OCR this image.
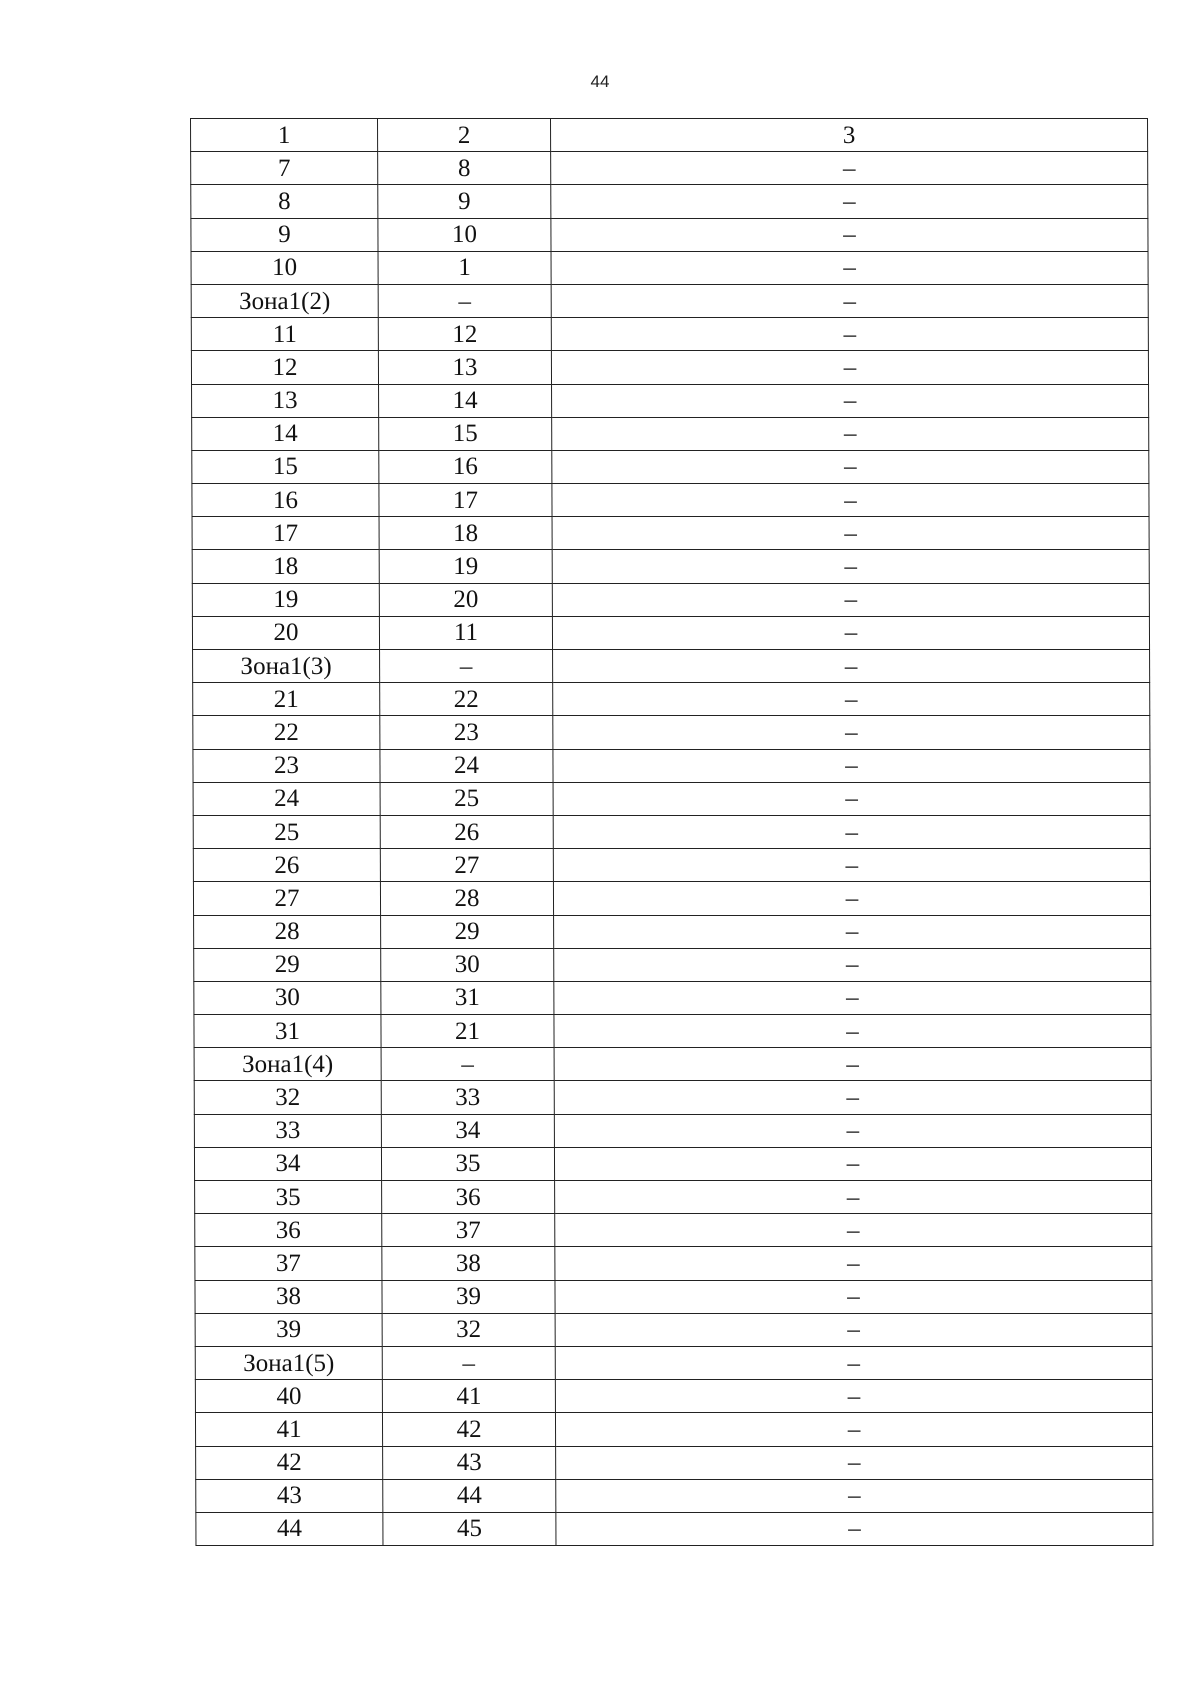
44
1	2	3
7	8	–
8	9	–
9	10	–
10	1	–
Зона1(2)	–	–
11	12	–
12	13	–
13	14	–
14	15	–
15	16	–
16	17	–
17	18	–
18	19	–
19	20	–
20	11	–
Зона1(3)	–	–
21	22	–
22	23	–
23	24	–
24	25	–
25	26	–
26	27	–
27	28	–
28	29	–
29	30	–
30	31	–
31	21	–
Зона1(4)	–	–
32	33	–
33	34	–
34	35	–
35	36	–
36	37	–
37	38	–
38	39	–
39	32	–
Зона1(5)	–	–
40	41	–
41	42	–
42	43	–
43	44	–
44	45	–
